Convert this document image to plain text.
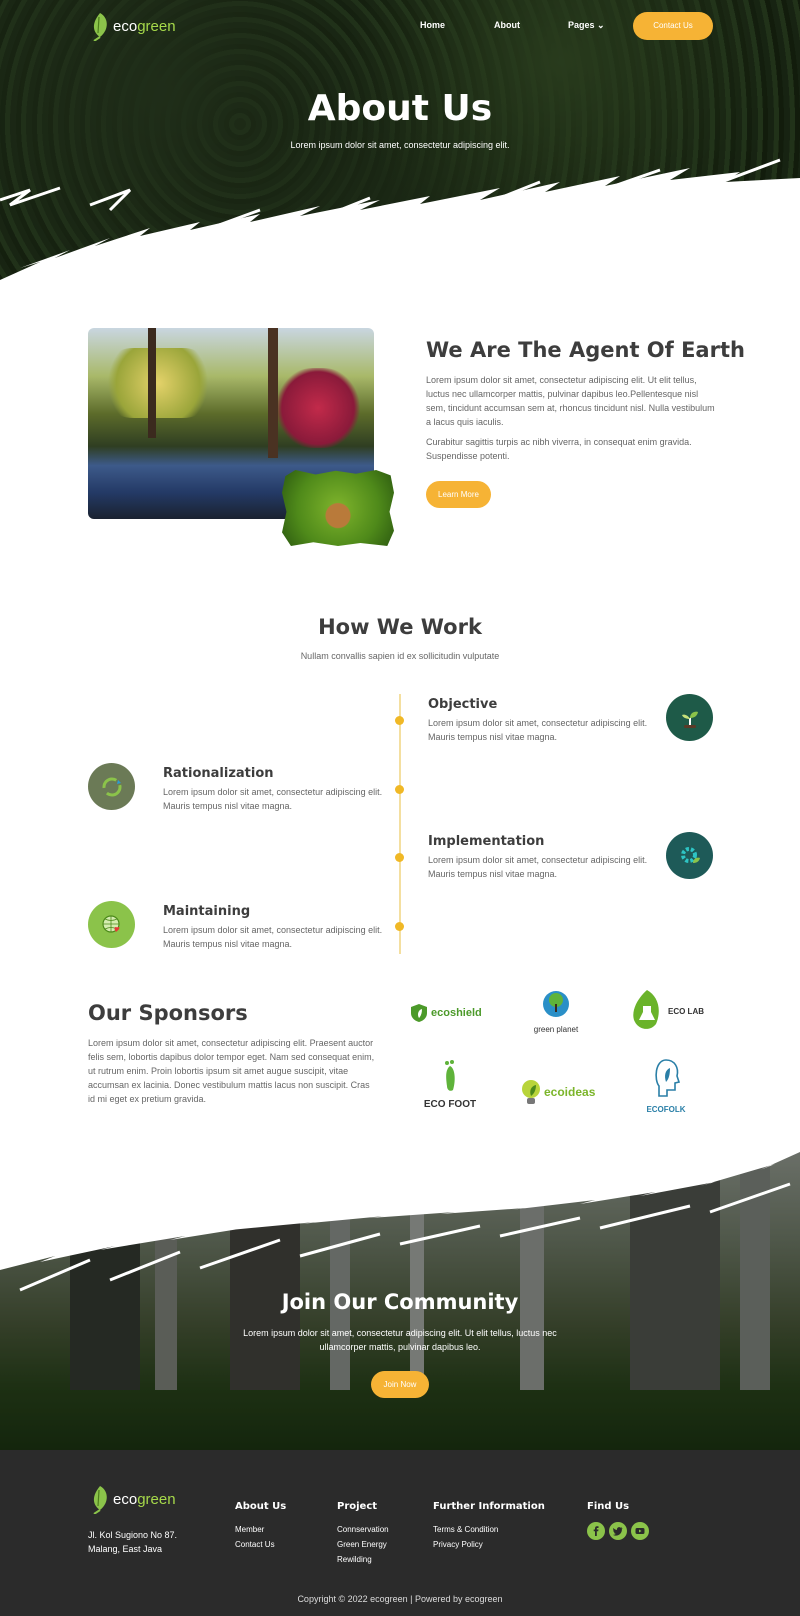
ecogreen	Home	About	Pages ⌄	Contact Us
About Us
Lorem ipsum dolor sit amet, consectetur adipiscing elit.
We Are The Agent Of Earth
Lorem ipsum dolor sit amet, consectetur adipiscing elit. Ut elit tellus, luctus nec ullamcorper mattis, pulvinar dapibus leo.Pellentesque nisl sem, tincidunt accumsan sem at, rhoncus tincidunt nisl. Nulla vestibulum a lacus quis iaculis.
Curabitur sagittis turpis ac nibh viverra, in consequat enim gravida. Suspendisse potenti.
Learn More
How We Work
Nullam convallis sapien id ex sollicitudin vulputate
Objective
Lorem ipsum dolor sit amet, consectetur adipiscing elit. Mauris tempus nisl vitae magna.
Rationalization
Lorem ipsum dolor sit amet, consectetur adipiscing elit. Mauris tempus nisl vitae magna.
Implementation
Lorem ipsum dolor sit amet, consectetur adipiscing elit. Mauris tempus nisl vitae magna.
Maintaining
Lorem ipsum dolor sit amet, consectetur adipiscing elit. Mauris tempus nisl vitae magna.
Our Sponsors
Lorem ipsum dolor sit amet, consectetur adipiscing elit. Praesent auctor felis sem, lobortis dapibus dolor tempor eget. Nam sed consequat enim, ut rutrum enim. Proin lobortis ipsum sit amet augue suscipit, vitae accumsan ex lacinia. Donec vestibulum mattis lacus non suscipit. Cras id mi eget ex pretium gravida.
ecoshield
green planet
ECO LAB
ECO FOOT
ecoideas
ECOFOLK
Join Our Community
Lorem ipsum dolor sit amet, consectetur adipiscing elit. Ut elit tellus, luctus nec ullamcorper mattis, pulvinar dapibus leo.
Join Now
ecogreen
Jl. Kol Sugiono No 87.
Malang, East Java
About Us
Member
Contact Us
Project
Connservation
Green Energy
Rewilding
Further Information
Terms & Condition
Privacy Policy
Find Us
Copyright © 2022 ecogreen | Powered by ecogreen
